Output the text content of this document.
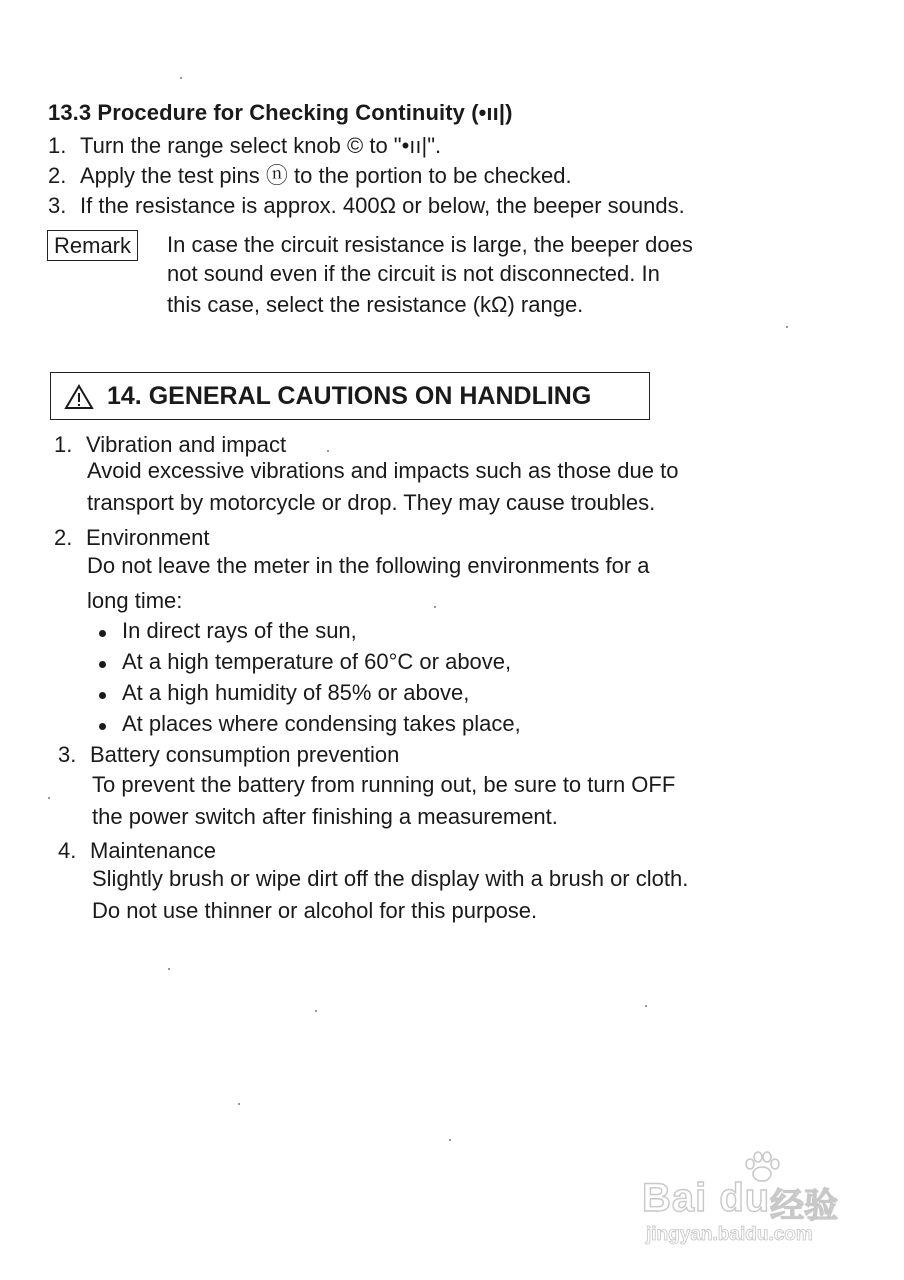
13.3 Procedure for Checking Continuity (•ıı|)
1. Turn the range select knob © to "•ıı|".
2. Apply the test pins ⓝ to the portion to be checked.
3. If the resistance is approx. 400Ω or below, the beeper sounds.
Remark	In case the circuit resistance is large, the beeper does
not sound even if the circuit is not disconnected. In
this case, select the resistance (kΩ) range.
14. GENERAL CAUTIONS ON HANDLING
1. Vibration and impact
Avoid excessive vibrations and impacts such as those due to
transport by motorcycle or drop. They may cause troubles.
2. Environment
Do not leave the meter in the following environments for a
long time:
In direct rays of the sun,
At a high temperature of 60°C or above,
At a high humidity of 85% or above,
At places where condensing takes place,
3. Battery consumption prevention
To prevent the battery from running out, be sure to turn OFF
the power switch after finishing a measurement.
4. Maintenance
Slightly brush or wipe dirt off the display with a brush or cloth.
Do not use thinner or alcohol for this purpose.
Bai du 经验
jingyan.baidu.com
